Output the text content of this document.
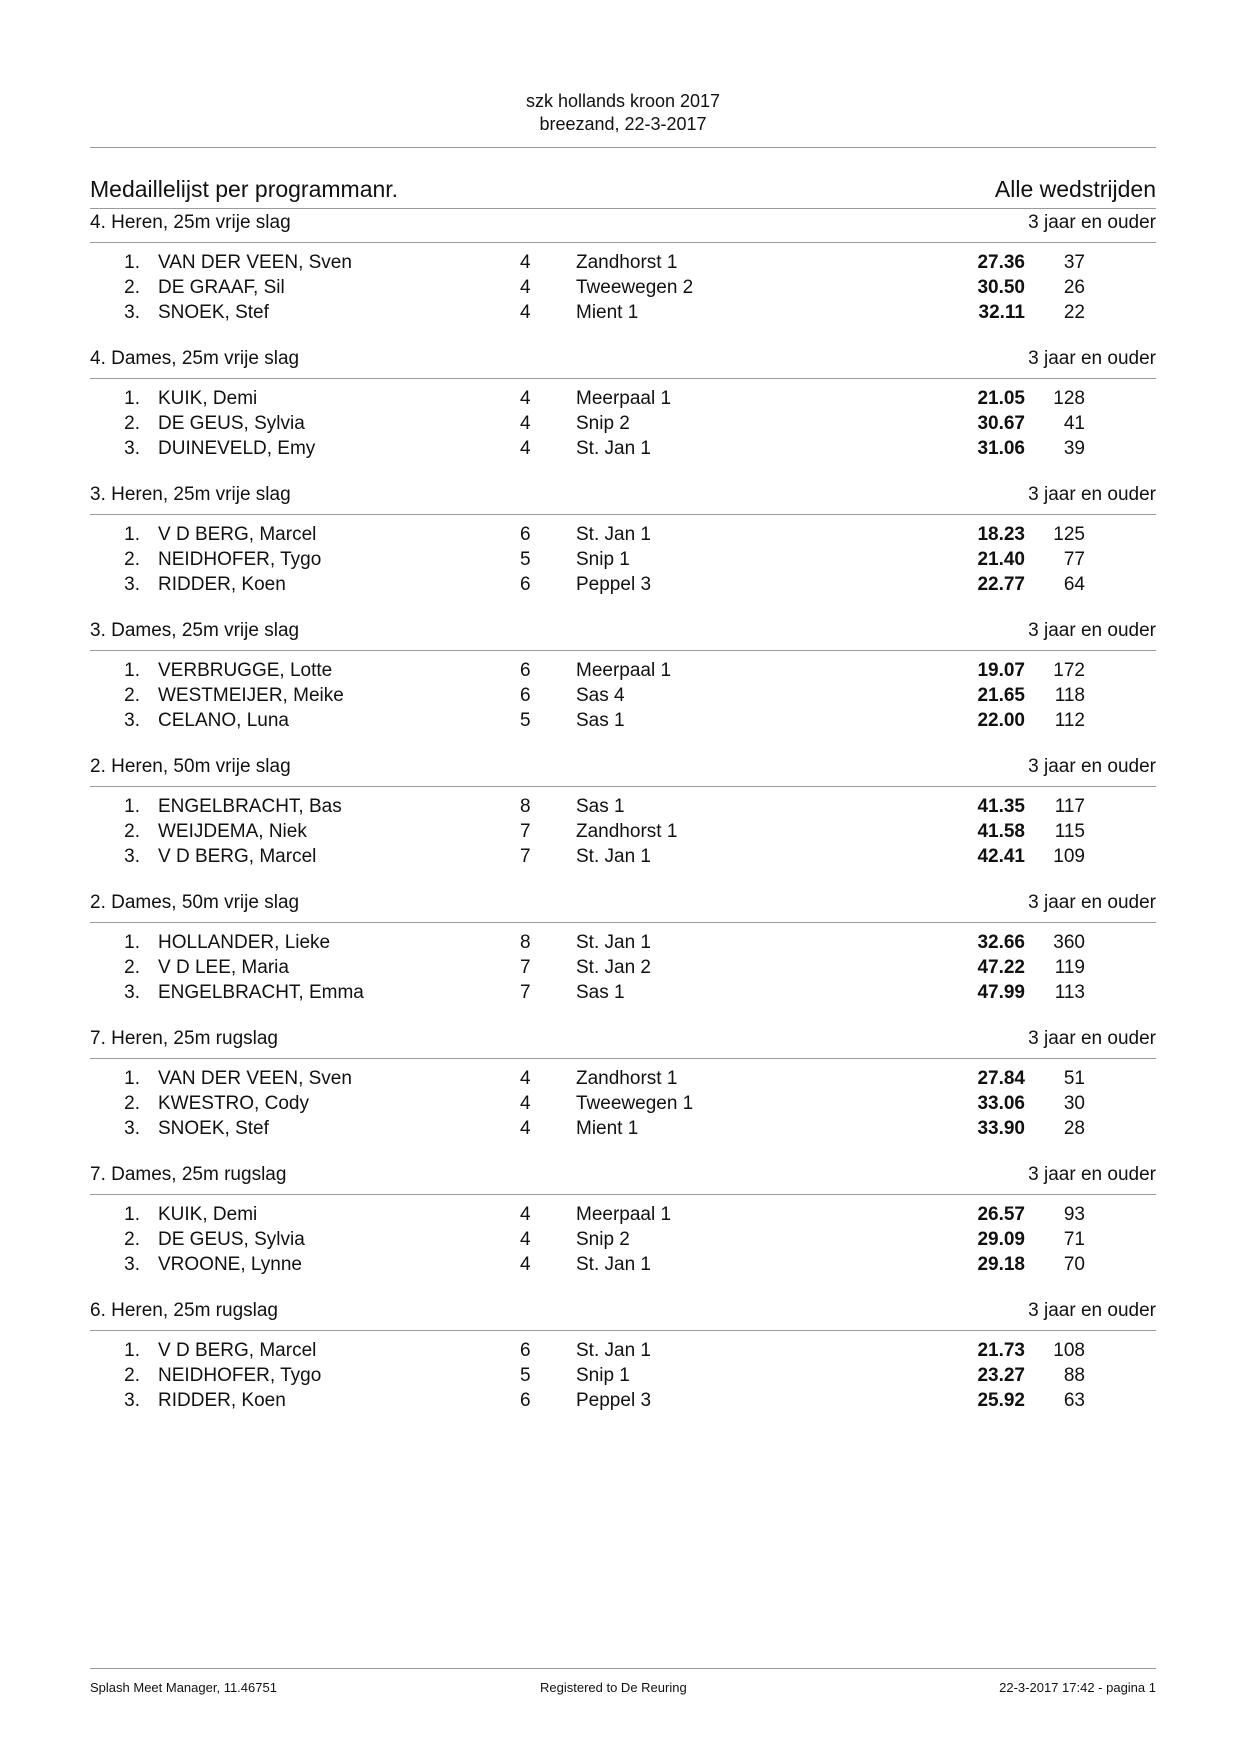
szk hollands kroon 2017
breezand, 22-3-2017
Medaillelijst per programmanr.	Alle wedstrijden
4. Heren, 25m vrije slag	3 jaar en ouder
1. VAN DER VEEN, Sven	4 Zandhorst 1	27.36	37
2. DE GRAAF, Sil	4 Tweewegen 2	30.50	26
3. SNOEK, Stef	4 Mient 1	32.11	22
4. Dames, 25m vrije slag	3 jaar en ouder
1. KUIK, Demi	4 Meerpaal 1	21.05	128
2. DE GEUS, Sylvia	4 Snip 2	30.67	41
3. DUINEVELD, Emy	4 St. Jan 1	31.06	39
3. Heren, 25m vrije slag	3 jaar en ouder
1. V D BERG, Marcel	6 St. Jan 1	18.23	125
2. NEIDHOFER, Tygo	5 Snip 1	21.40	77
3. RIDDER, Koen	6 Peppel 3	22.77	64
3. Dames, 25m vrije slag	3 jaar en ouder
1. VERBRUGGE, Lotte	6 Meerpaal 1	19.07	172
2. WESTMEIJER, Meike	6 Sas 4	21.65	118
3. CELANO, Luna	5 Sas 1	22.00	112
2. Heren, 50m vrije slag	3 jaar en ouder
1. ENGELBRACHT, Bas	8 Sas 1	41.35	117
2. WEIJDEMA, Niek	7 Zandhorst 1	41.58	115
3. V D BERG, Marcel	7 St. Jan 1	42.41	109
2. Dames, 50m vrije slag	3 jaar en ouder
1. HOLLANDER, Lieke	8 St. Jan 1	32.66	360
2. V D LEE, Maria	7 St. Jan 2	47.22	119
3. ENGELBRACHT, Emma	7 Sas 1	47.99	113
7. Heren, 25m rugslag	3 jaar en ouder
1. VAN DER VEEN, Sven	4 Zandhorst 1	27.84	51
2. KWESTRO, Cody	4 Tweewegen 1	33.06	30
3. SNOEK, Stef	4 Mient 1	33.90	28
7. Dames, 25m rugslag	3 jaar en ouder
1. KUIK, Demi	4 Meerpaal 1	26.57	93
2. DE GEUS, Sylvia	4 Snip 2	29.09	71
3. VROONE, Lynne	4 St. Jan 1	29.18	70
6. Heren, 25m rugslag	3 jaar en ouder
1. V D BERG, Marcel	6 St. Jan 1	21.73	108
2. NEIDHOFER, Tygo	5 Snip 1	23.27	88
3. RIDDER, Koen	6 Peppel 3	25.92	63
Splash Meet Manager, 11.46751	Registered to De Reuring	22-3-2017 17:42 - pagina 1
